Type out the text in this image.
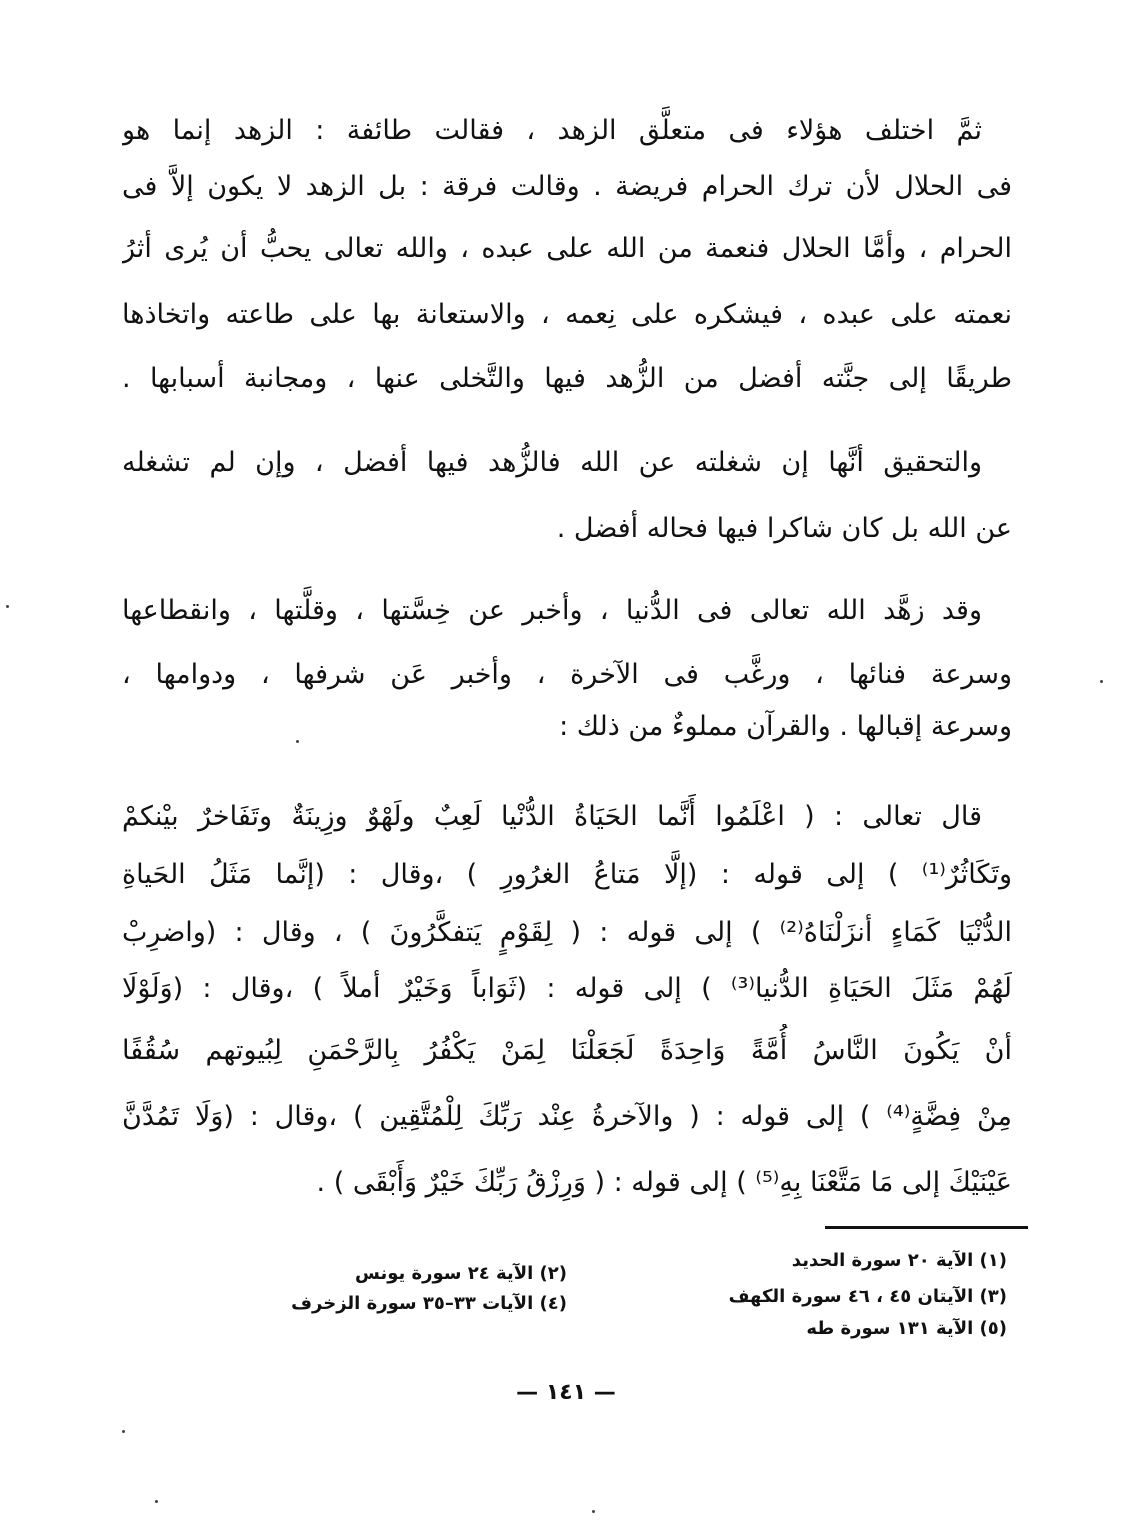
ثمَّ اختلف هؤلاء فى متعلَّق الزهد ، فقالت طائفة : الزهد إنما هو
فى الحلال لأن ترك الحرام فريضة . وقالت فرقة : بل الزهد لا يكون إلاَّ فى
الحرام ، وأمَّا الحلال فنعمة من الله على عبده ، والله تعالى يحبُّ أن يُرى أثرُ
نعمته على عبده ، فيشكره على نِعمه ، والاستعانة بها على طاعته واتخاذها
طريقًا إلى جنَّته أفضل من الزُّهد فيها والتَّخلى عنها ، ومجانبة أسبابها .
والتحقيق أنَّها إن شغلته عن الله فالزُّهد فيها أفضل ، وإن لم تشغله
عن الله بل كان شاكرا فيها فحاله أفضل .
وقد زهَّد الله تعالى فى الدُّنيا ، وأخبر عن خِسَّتها ، وقلَّتها ، وانقطاعها
وسرعة فنائها ، ورغَّب فى الآخرة ، وأخبر عَن شرفها ، ودوامها ،
وسرعة إقبالها . والقرآن مملوءٌ من ذلك :
قال تعالى : ( اعْلَمُوا أَنَّما الحَيَاةُ الدُّنْيا لَعِبٌ ولَهْوٌ وزِينَةٌ وتَفَاخرٌ بيْنكمْ
وتَكَاثُرٌ⁽¹⁾ ) إلى قوله : (إلَّا مَتاعُ الغرُورِ ) ،وقال : (إنَّما مَثَلُ الحَياةِ
الدُّنْيَا كَمَاءٍ أنزَلْنَاهُ⁽²⁾ ) إلى قوله : ( لِقَوْمٍ يَتفكَّرُونَ ) ، وقال : (واضرِبْ
لَهُمْ مَثَلَ الحَيَاةِ الدُّنيا⁽³⁾ ) إلى قوله : (ثَوَاباً وَخَيْرٌ أملاً ) ،وقال : (وَلَوْلَا
أنْ يَكُونَ النَّاسُ أُمَّةً وَاحِدَةً لَجَعَلْنَا لِمَنْ يَكْفُرُ بِالرَّحْمَنِ لِبُيوتهم سُقُفًا
مِنْ فِضَّةٍ⁽⁴⁾ ) إلى قوله : ( والآخرةُ عِنْد رَبِّكَ لِلْمُتَّقِين ) ،وقال : (وَلَا تَمُدَّنَّ
عَيْنَيْكَ إلى مَا مَتَّعْنَا بِهِ⁽⁵⁾ ) إلى قوله : ( وَرِزْقُ رَبِّكَ خَيْرٌ وَأَبْقَى ) .
(١) الآية ٢٠ سورة الحديد
(٢) الآية ٢٤ سورة يونس
(٣) الآيتان ٤٥ ، ٤٦ سورة الكهف
(٤) الآيات ٣٣–٣٥ سورة الزخرف
(٥) الآية ١٣١ سورة طه
— ١٤١ —
